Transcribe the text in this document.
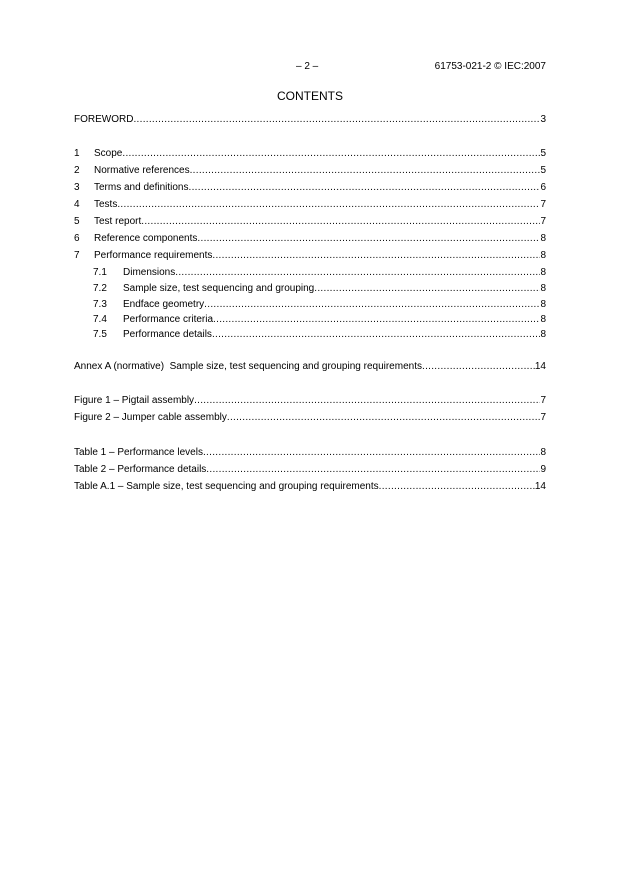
– 2 –	61753-021-2 © IEC:2007
CONTENTS
FOREWORD .....	3
1	Scope .....	5
2	Normative references .....	5
3	Terms and definitions .....	6
4	Tests .....	7
5	Test report .....	7
6	Reference components .....	8
7	Performance requirements .....	8
7.1	Dimensions .....	8
7.2	Sample size, test sequencing and grouping .....	8
7.3	Endface geometry .....	8
7.4	Performance criteria .....	8
7.5	Performance details .....	8
Annex A (normative)  Sample size, test sequencing and grouping requirements .....	14
Figure 1 – Pigtail assembly .....	7
Figure 2 – Jumper cable assembly .....	7
Table 1 – Performance levels .....	8
Table 2 – Performance details .....	9
Table A.1 – Sample size, test sequencing and grouping requirements .....	14
